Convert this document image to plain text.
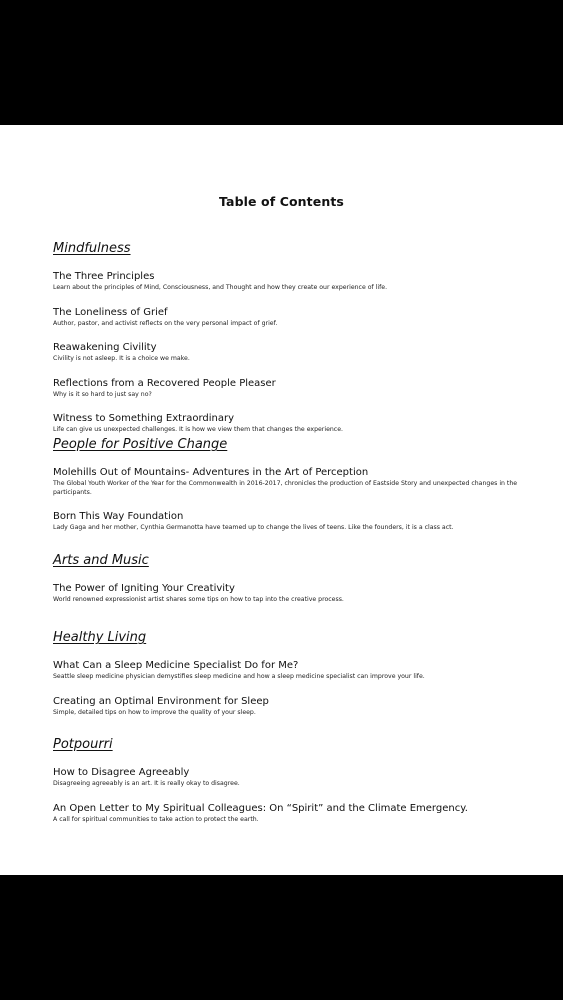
Table of Contents
Mindfulness
The Three Principles
Learn about the principles of Mind, Consciousness, and Thought and how they create our experience of life.
The Loneliness of Grief
Author, pastor, and activist reflects on the very personal impact of grief.
Reawakening Civility
Civility is not asleep. It is a choice we make.
Reflections from a Recovered People Pleaser
Why is it so hard to just say no?
Witness to Something Extraordinary
Life can give us unexpected challenges. It is how we view them that changes the experience.
People for Positive Change
Molehills Out of Mountains- Adventures in the Art of Perception
The Global Youth Worker of the Year for the Commonwealth in 2016-2017, chronicles the production of Eastside Story and unexpected changes in the participants.
Born This Way Foundation
Lady Gaga and her mother, Cynthia Germanotta have teamed up to change the lives of teens. Like the founders, it is a class act.
Arts and Music
The Power of Igniting Your Creativity
World renowned expressionist artist shares some tips on how to tap into the creative process.
Healthy Living
What Can a Sleep Medicine Specialist Do for Me?
Seattle sleep medicine physician demystifies sleep medicine and how a sleep medicine specialist can improve your life.
Creating an Optimal Environment for Sleep
Simple, detailed tips on how to improve the quality of your sleep.
Potpourri
How to Disagree Agreeably
Disagreeing agreeably is an art. It is really okay to disagree.
An Open Letter to My Spiritual Colleagues: On “Spirit” and the Climate Emergency.
A call for spiritual communities to take action to protect the earth.
